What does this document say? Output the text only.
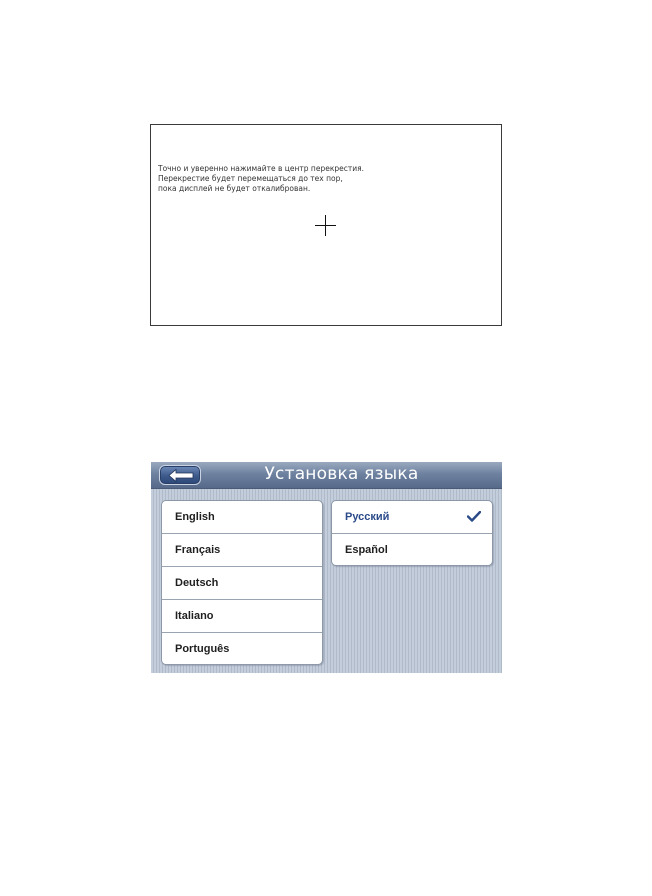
Точно и уверенно нажимайте в центр перекрестия.
Перекрестие будет перемещаться до тех пор,
пока дисплей не будет откалиброван.
Установка языка
English
Français
Deutsch
Italiano
Português
Русский
Español
